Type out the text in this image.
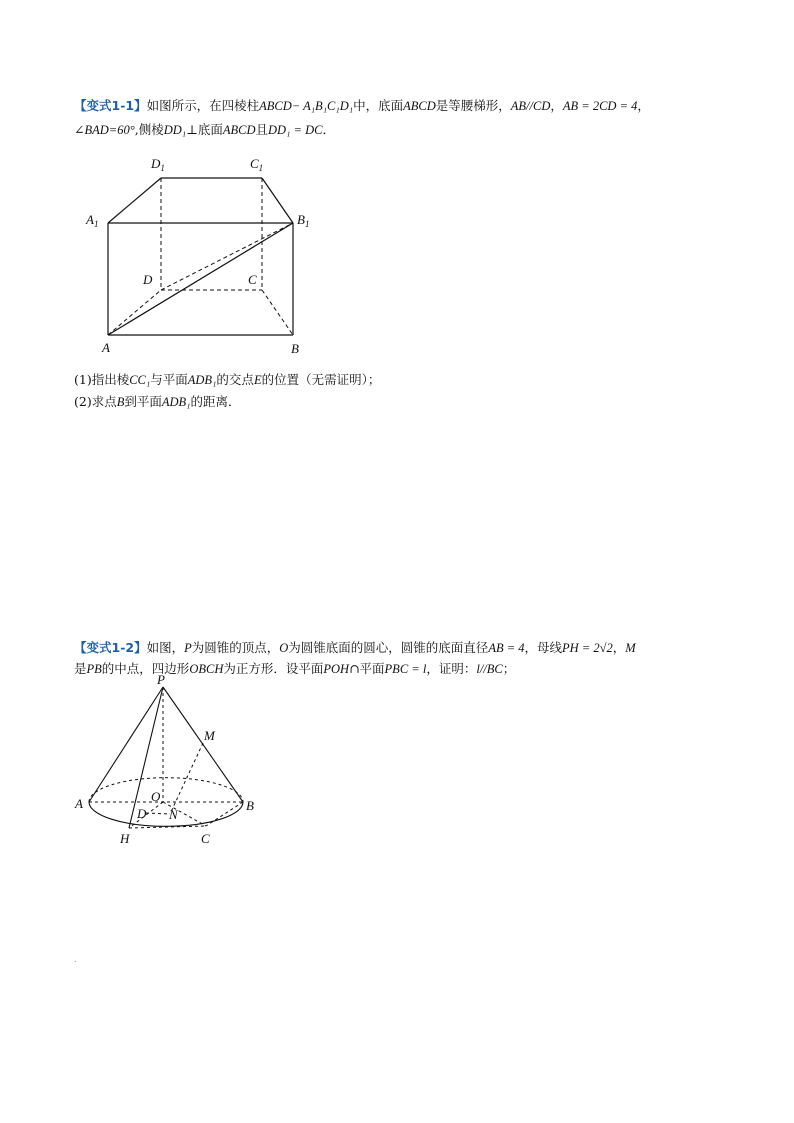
【变式1-1】如图所示，在四棱柱ABCD− A₁B₁C₁D₁中，底面ABCD是等腰梯形，AB//CD，AB = 2CD = 4，
∠BAD=60°,侧棱DD₁⊥底面ABCD且DD₁ = DC．
$D_1$	$C_1$
$A_1$	$B_1$
D	C
A	B
(1)指出棱CC₁与平面ADB₁的交点E的位置（无需证明）；
(2)求点B到平面ADB₁的距离．
【变式1-2】如图，P为圆锥的顶点，O为圆锥底面的圆心，圆锥的底面直径AB = 4，母线PH = 2√2，M
是PB的中点，四边形OBCH为正方形．设平面POH∩平面PBC = l，证明：l//BC；
P
M
A	B
O
D N
H	C
.
